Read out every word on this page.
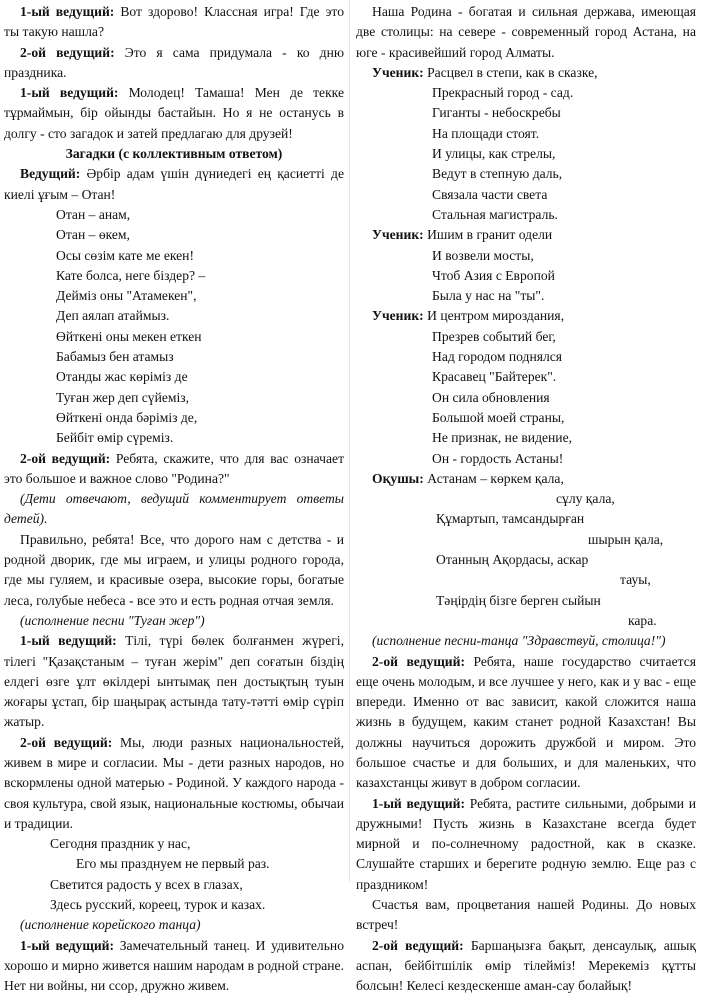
1-ый ведущий: Вот здорово! Классная игра! Где это ты такую нашла?

2-ой ведущий: Это я сама придумала - ко дню праздника.

1-ый ведущий: Молодец! Тамаша! Мен де текке тұрмаймын, бір ойынды бастайын. Но я не останусь в долгу - сто загадок и затей предлагаю для друзей!

Загадки (с коллективным ответом)

Ведущий: Әрбір адам үшін дүниедегі ең қасиетті де киелі ұғым – Отан!

Отан – анам,

Отан – өкем,

Осы сөзім кате ме екен!

Кате болса, неге біздер? –

Деймiз оны "Атамекен",

Деп аялап атаймыз.

Өйткені оны мекен еткен

Бабамыз бен атамыз

Отанды жас көріміз де

Туған жер деп сүйеміз,

Өйткені онда бәріміз де,

Бейбіт өмір сүреміз.

2-ой ведущий: Ребята, скажите, что для вас означает это большое и важное слово "Родина?"

(Дети отвечают, ведущий комментирует ответы детей).

Правильно, ребята! Все, что дорого нам с детства - и родной дворик, где мы играем, и улицы родного города, где мы гуляем, и красивые озера, высокие горы, богатые леса, голубые небеса - все это и есть родная отчая земля.

(исполнение песни "Туған жер")

1-ый ведущий: Тілі, түрі бөлек болғанмен жүрегі, тілегі "Қазақстаным – туған жерім" деп соғатын біздің елдегі өзге ұлт өкілдері ынтымақ пен достықтың туын жоғары ұстап, бір шаңырақ астында тату-тәтті өмір сүріп жатыр.

2-ой ведущий: Мы, люди разных национальностей, живем в мире и согласии. Мы - дети разных народов, но вскормлены одной матерью - Родиной. У каждого народа - своя культура, свой язык, национальные костюмы, обычаи и традиции.

Сегодня праздник у нас,

Его мы празднуем не первый раз.

Светится радость у всех в глазах,

Здесь русский, кореец, турок и казах.

(исполнение корейского танца)

1-ый ведущий: Замечательный танец. И удивительно хорошо и мирно живется нашим народам в родной стране. Нет ни войны, ни ссор, дружно живем.

Наша Родина - богатая и сильная держава, имеющая две столицы: на севере - современный город Астана, на юге - красивейший город Алматы.

Ученик: Расцвел в степи, как в сказке,

Прекрасный город - сад.

Гиганты - небоскребы

На площади стоят.

И улицы, как стрелы,

Ведут в степную даль,

Связала части света

Стальная магистраль.

Ученик: Ишим в гранит одели

И возвели мосты,

Чтоб Азия с Европой

Была у нас на "ты".

Ученик: И центром мироздания,

Презрев событий бег,

Над городом поднялся

Красавец "Байтерек".

Он сила обновления

Большой моей страны,

Не признак, не видение,

Он - гордость Астаны!

Оқушы: Астанам – көркем қала,

сұлу қала,

Құмартып, тамсандырған

шырын қала,

Отанның Ақордасы, аскар

тауы,

Тәңірдің бізге берген сыйын

кара.

(исполнение песни-танца "Здравствуй, столица!")

2-ой ведущий: Ребята, наше государство считается еще очень молодым, и все лучшее у него, как и у вас - еще впереди. Именно от вас зависит, какой сложится наша жизнь в будущем, каким станет родной Казахстан! Вы должны научиться дорожить дружбой и миром. Это большое счастье и для больших, и для маленьких, что казахстанцы живут в добром согласии.

1-ый ведущий: Ребята, растите сильными, добрыми и дружными! Пусть жизнь в Казахстане всегда будет мирной и по-солнечному радостной, как в сказке. Слушайте старших и берегите родную землю. Еще раз с праздником!

Счастья вам, процветания нашей Родины. До новых встреч!

2-ой ведущий: Баршаңызға бақыт, денсаулық, ашық аспан, бейбітшілік өмір тілейміз! Мерекеміз құтты болсын! Келесі кездескенше аман-сау болайық!
